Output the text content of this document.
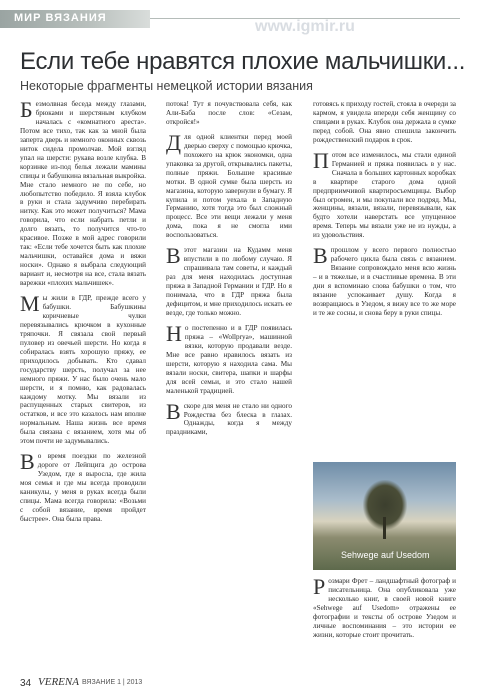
МИР ВЯЗАНИЯ	www.igmir.ru
Если тебе нравятся плохие мальчишки...
Некоторые фрагменты немецкой истории вязания

Безмолвная беседа между глазами, брюками и шерстяным клубком началась с «комнатного ареста». Потом все тихо, так как за мной была заперта дверь и немного оконных сквозь ниток сидела промолчав. Мой взгляд упал на шерсти: рукава возле клубка. В корзинке из-под белья лежали мамины спицы и бабушкина вязальная выкройка. Мне стало немного не по себе, но любопытство победило. Я взяла клубок в руки и стала задумчиво перебирать нитку. Как это может получиться? Мама говорила, что если набрать петли и долго вязать, то получится что-то красивое. Позже в мой адрес говорили так: «Если тебе хочется быть как плохие мальчишки, оставайся дома и вяжи носки». Однако я выбрала следующий вариант и, несмотря на все, стала вязать варежки «плохих мальчишек».

Мы жили в ГДР, прежде всего у бабушки. Бабушкины коричневые чулки перевязывались крючком в кухонные тряпочки. Я связала свой первый пуловер из овечьей шерсти. Но когда я собиралась взять хорошую пряжу, ее приходилось добывать. Кто сдавал государству шерсть, получал за нее немного пряжи. У нас было очень мало шерсти, и я помню, как радовалась каждому мотку. Мы вязали из распущенных старых свитеров, из остатков, и все это казалось нам вполне нормальным. Наша жизнь все время была связана с вязанием, хотя мы об этом почти не задумывались.

Во время поездки по железной дороге от Лейпцига до острова Узедом, где я выросла, где жила моя семья и где мы всегда проводили каникулы, у меня в руках всегда были спицы. Мама всегда говорила: «Возьми с собой вязание, время пройдет быстрее». Она была права.

потока! Тут я почувствовала себя, как Али-Баба после слов: «Сезам, откройся!»

Для одной клиентки перед моей дверью сверху с помощью крючка, похожего на крюк экономки, одна упаковка за другой, открывались пакеты, полные пряжи. Большие красивые мотки. В одной сумке была шерсть из магазина, которую завернули в бумагу. Я купила и потом уехала в Западную Германию, хотя тогда это был сложный процесс. Все эти вещи лежали у меня дома, пока я не смогла ими воспользоваться.

Вэтот магазин на Кудамм меня впустили в по любому случаю. Я спрашивала там советы, и каждый раз для меня находилась доступная пряжа в Западной Германии и ГДР. Но я понимала, что в ГДР пряжа была дефицитом, и мне приходилось искать ее везде, где только можно.

Но постепенно и в ГДР появилась пряжа – «Wollprya», машинной вязки, которую продавали везде. Мне все равно нравилось вязать из шерсти, которую я находила сама. Мы вязали носки, свитера, шапки и шарфы для всей семьи, и это стало нашей маленькой традицией.

Вскоре для меня не стало ни одного Рождества без блеска в глазах. Однажды, когда я между праздниками,

готовясь к приходу гостей, стояла в очереди за кармом, я увидела впереди себя женщину со спицами в руках. Клубок она держала в сумке перед собой. Она явно спешила закончить рождественский подарок в срок.

Потом все изменилось, мы стали единой Германией и пряжа появилась в у нас. Сначала в больших картонных коробках в квартире старого дома одной предприимчивой квартиросъемщицы. Выбор был огромен, и мы покупали все подряд. Мы, женщины, вязали, вязали, перевязывали, как будто хотели наверстать все упущенное время. Теперь мы вязали уже не из нужды, а из удовольствия.

Впрошлом у всего первого полностью рабочего цикла была связь с вязанием. Вязание сопровождало меня всю жизнь – и в тяжелые, и в счастливые времена. В эти дни я вспоминаю слова бабушки о том, что вязание успокаивает душу. Когда я возвращаюсь в Узедом, я вижу все то же море и те же сосны, и снова беру в руки спицы.

Sehwege auf Usedom

Розмари Фрет – ландшафтный фотограф и писательница. Она опубликовала уже несколько книг, в своей новой книге «Sehwege auf Usedom» отражены ее фотографии и тексты об острове Узедом и личные воспоминания – это истории ее жизни, которые стоит прочитать.

34 VERENA ВЯЗАНИЕ 1 | 2013
